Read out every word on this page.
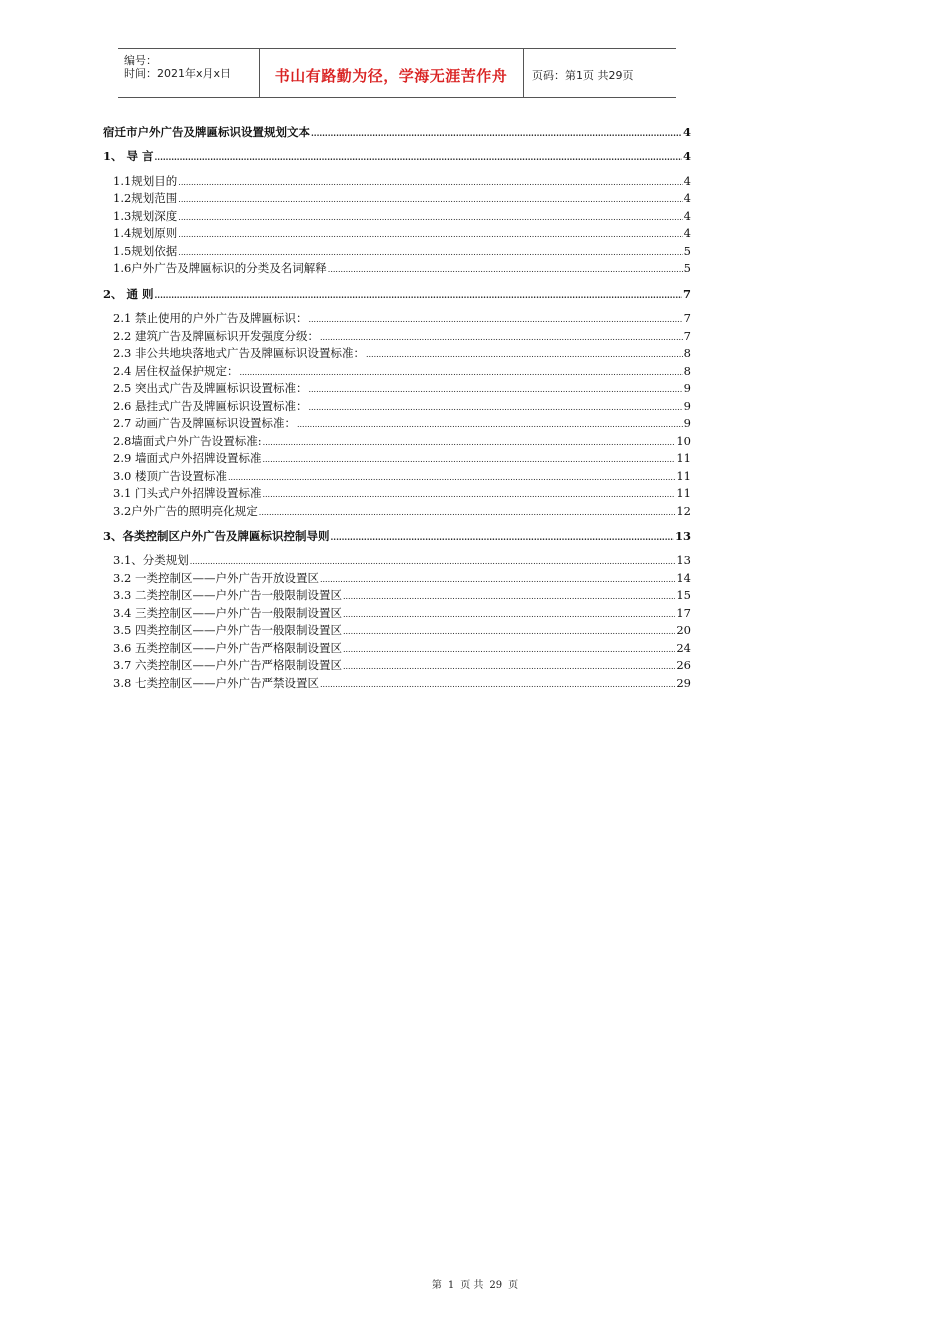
编号：
时间：2021年x月x日	书山有路勤为径，学海无涯苦作舟	页码：第1页 共29页
宿迁市户外广告及牌匾标识设置规划文本 .....	4
1、 导 言 .....	4
1.1规划目的 .....	4
1.2规划范围 .....	4
1.3规划深度 .....	4
1.4规划原则 .....	4
1.5规划依据 .....	5
1.6户外广告及牌匾标识的分类及名词解释 .....	5
2、 通 则 .....	7
2.1 禁止使用的户外广告及牌匾标识： .....	7
2.2 建筑广告及牌匾标识开发强度分级： .....	7
2.3 非公共地块落地式广告及牌匾标识设置标准： .....	8
2.4 居住权益保护规定： .....	8
2.5 突出式广告及牌匾标识设置标准： .....	9
2.6 悬挂式广告及牌匾标识设置标准： .....	9
2.7 动画广告及牌匾标识设置标准： .....	9
2.8墙面式户外广告设置标准: .....	10
2.9 墙面式户外招牌设置标准 .....	11
3.0 楼顶广告设置标准 .....	11
3.1 门头式户外招牌设置标准 .....	11
3.2户外广告的照明亮化规定 .....	12
3、各类控制区户外广告及牌匾标识控制导则 .....	13
3.1、分类规划 .....	13
3.2 一类控制区——户外广告开放设置区 .....	14
3.3 二类控制区——户外广告一般限制设置区 .....	15
3.4 三类控制区——户外广告一般限制设置区 .....	17
3.5 四类控制区——户外广告一般限制设置区 .....	20
3.6 五类控制区——户外广告严格限制设置区 .....	24
3.7 六类控制区——户外广告严格限制设置区 .....	26
3.8 七类控制区——户外广告严禁设置区 .....	29
第 1 页 共 29 页
